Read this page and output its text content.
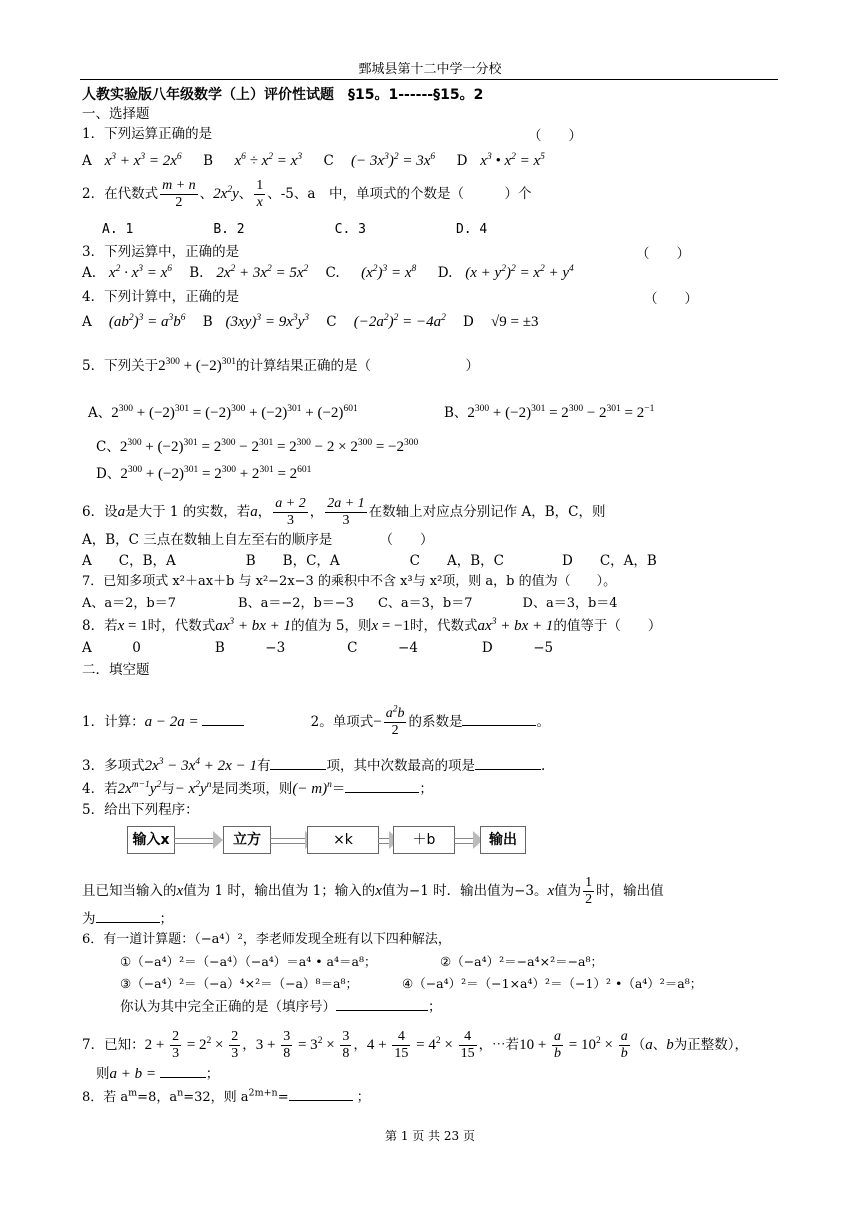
鄄城县第十二中学一分校
人教实验版八年级数学（上）评价性试题　§15。1------§15。2
一、选择题
1．下列运算正确的是	（　　）
A $x^3 + x^3 = 2x^6$ B $x^6 \div x^2 = x^3$ C (− $3x^3)^2 = 3x^6$ D $x^3$ • $x^2 = x^5$
2．在代数式 $\frac{m + n}{2}$ 、$2x^2y$、 $\frac{1}{x}$ 、-5、a　中，单项式的个数是（　　　）个
A. 1	B. 2	C. 3	D. 4
3．下列运算中，正确的是	（　　）
A. $x^2 \cdot x^3 = x^6$ B. $2x^2 + 3x^2 = 5x^2$ C. $(x^2)^3 = x^8$ D. $(x + y^2)^2 = x^2 + y^4$
4．下列计算中，正确的是	（　　）
A $(ab^2)^3 = a^3b^6$ B $(3xy)^3 = 9x^3y^3$ C $(-2a^2)^2 = -4a^2$ D √9 = ±3
5．下列关于$2^{300} + (-2)^{301}$的计算结果正确的是（　　　　　　　）
A、$2^{300} + (-2)^{301} = (-2)^{300} + (-2)^{301} + (-2)^{601}$	B、$2^{300} + (-2)^{301} = 2^{300} - 2^{301} = 2^{-1}$
C、$2^{300} + (-2)^{301} = 2^{300} - 2^{301} = 2^{300} - 2 \times 2^{300} = -2^{300}$
D、$2^{300} + (-2)^{301} = 2^{300} + 2^{301} = 2^{601}$
6．设a是大于 1 的实数，若a， $\frac{a + 2}{3}$ ， $\frac{2a + 1}{3}$ 在数轴上对应点分别记作 A，B，C，则
A，B，C 三点在数轴上自左至右的顺序是　　　　（　　）
A　　C，B，A	B　　B，C，A	C　　A，B，C	D　　C，A，B
7．已知多项式 x²＋ax＋b 与 x²−2x−3 的乘积中不含 x³与 x²项，则 a，b 的值为（　　）。
A、a＝2，b＝7	B、a＝−2，b＝−3 C、a＝3，b＝7	D、a＝3，b＝4
8．若x = 1时，代数式$ax^3$ + bx + 1的值为 5，则x = −1时，代数式$ax^3$ + bx + 1的值等于（　　）
A　　　0	B　　　−3	C　　　−4	D　　　−5
二．填空题
1．计算：a − 2a =	2。单项式− $\frac{a^2b}{2}$ 的系数是	。
3．多项式$2x^3 - 3x^4 + 2x - 1$有	项，其中次数最高的项是	.
4．若$2x^{m-1}y^2$与− $x^2y^n$是同类项，则(− m)$^n$＝	；
5．给出下列程序：
输入x	立方	×k	＋b	输出
且已知当输入的x值为 1 时，输出值为 1；输入的x值为−1 时．输出值为−3。x值为 $\frac{1}{2}$ 时，输出值
为	；
6．有一道计算题：（−a⁴）²，李老师发现全班有以下四种解法，
①（−a⁴）²＝（−a⁴）（−a⁴）＝a⁴ • a⁴＝a⁸；	②（−a⁴）²＝−a⁴×²＝−a⁸；
③（−a⁴）²＝（−a）⁴×²＝（−a）⁸＝a⁸；	④（−a⁴）²＝（−1×a⁴）²＝（−1）² •（a⁴）²＝a⁸；
你认为其中完全正确的是（填序号）	；
7．已知：$2 + \frac{2}{3} = 2^2 \times \frac{2}{3}$ ，$3 + \frac{3}{8} = 3^2 \times \frac{3}{8}$ ，$4 + \frac{4}{15} = 4^2 \times \frac{4}{15}$ ，⋯若$10 + \frac{a}{b} = 10^2 \times \frac{a}{b} (a$、b为正整数），
则a + b =	；
8．若 $a^m=8$，$a^n=32$，则 $a^{2m+n}=$	；
第 1 页 共 23 页
